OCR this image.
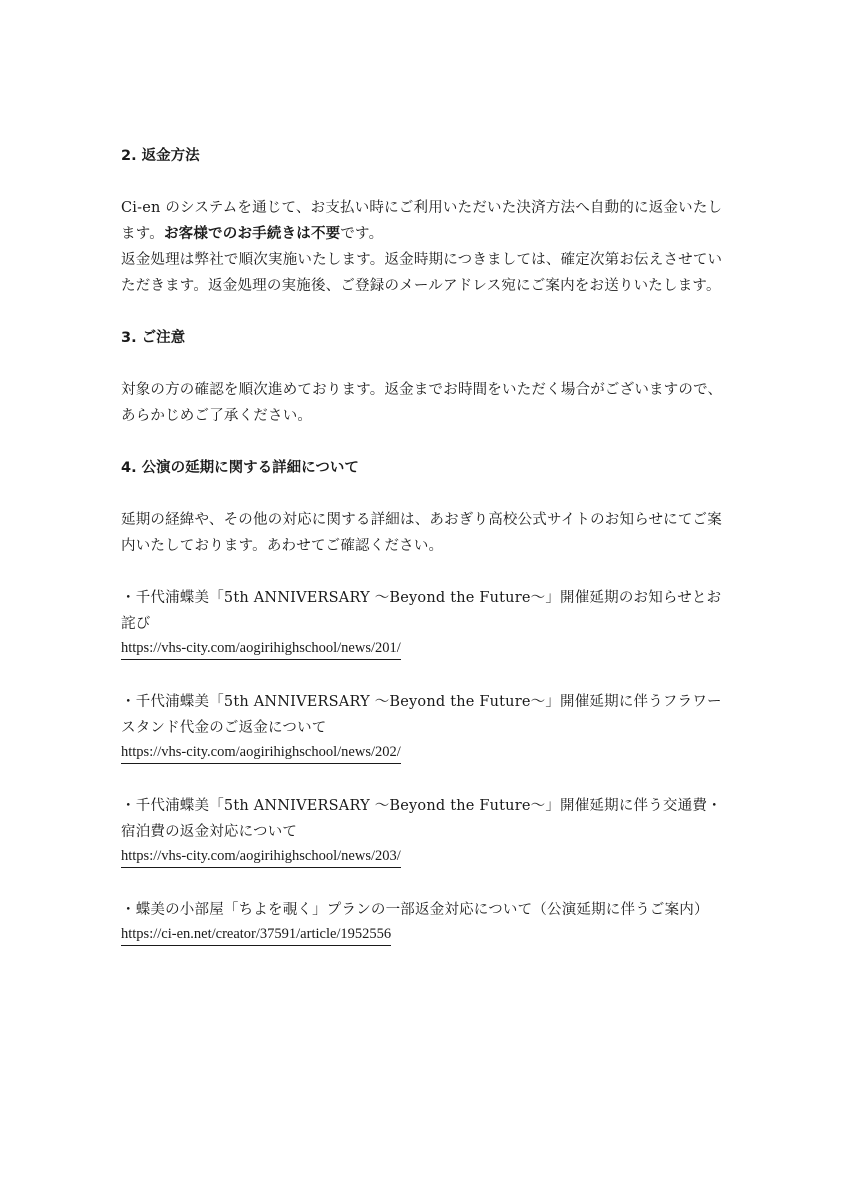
2. 返金方法

Ci-en のシステムを通じて、お支払い時にご利用いただいた決済方法へ自動的に返金いたします。お客様でのお手続きは不要です。

返金処理は弊社で順次実施いたします。返金時期につきましては、確定次第お伝えさせていただきます。返金処理の実施後、ご登録のメールアドレス宛にご案内をお送りいたします。

3. ご注意

対象の方の確認を順次進めております。返金までお時間をいただく場合がございますので、あらかじめご了承ください。

4. 公演の延期に関する詳細について

延期の経緯や、その他の対応に関する詳細は、あおぎり高校公式サイトのお知らせにてご案内いたしております。あわせてご確認ください。

・千代浦蝶美「5th ANNIVERSARY 〜Beyond the Future〜」開催延期のお知らせとお詫び

https://vhs-city.com/aogirihighschool/news/201/

・千代浦蝶美「5th ANNIVERSARY 〜Beyond the Future〜」開催延期に伴うフラワースタンド代金のご返金について

https://vhs-city.com/aogirihighschool/news/202/

・千代浦蝶美「5th ANNIVERSARY 〜Beyond the Future〜」開催延期に伴う交通費・宿泊費の返金対応について

https://vhs-city.com/aogirihighschool/news/203/

・蝶美の小部屋「ちよを覗く」プランの一部返金対応について（公演延期に伴うご案内）

https://ci-en.net/creator/37591/article/1952556
